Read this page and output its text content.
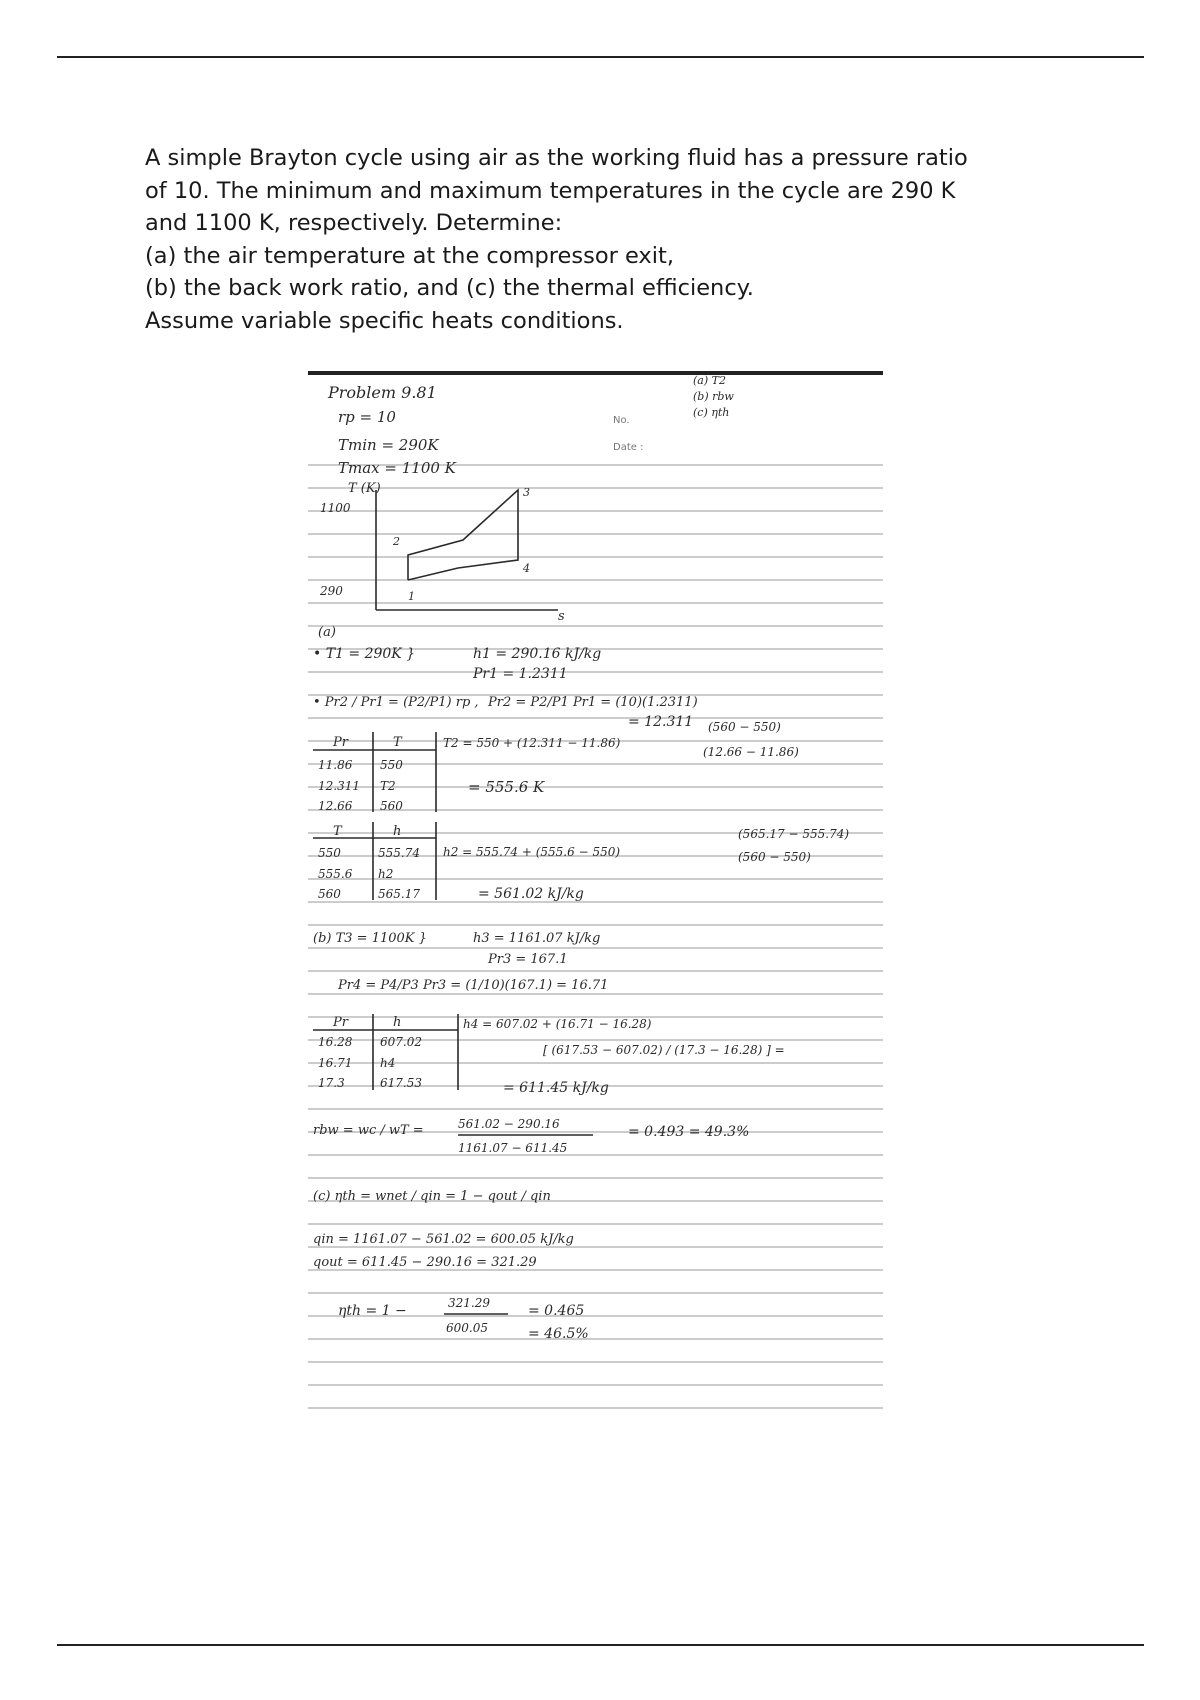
A simple Brayton cycle using air as the working fluid has a pressure ratio
of 10. The minimum and maximum temperatures in the cycle are 290 K
and 1100 K, respectively. Determine:
(a) the air temperature at the compressor exit,
(b) the back work ratio, and (c) the thermal efficiency.
Assume variable specific heats conditions.
(a) T2
(b) rbw
(c) ηth
No.
Date :
Problem 9.81
rp = 10
Tmin = 290K
Tmax = 1100 K
T (K)
s
1100
290	1
2
3
4
(a)
• T1 = 290K }	h1 = 290.16 kJ/kg
Pr1 = 1.2311
• Pr2 / Pr1 = (P2/P1) rp , Pr2 = P2/P1 Pr1 = (10)(1.2311)
= 12.311
Pr	T
11.86 550
12.311 T2
12.66 560
T2 = 550 + (12.311 − 11.86)
(560 − 550)
(12.66 − 11.86)
= 555.6 K
T	h
550	555.74
555.6 h2
560	565.17
h2 = 555.74 + (555.6 − 550)
(565.17 − 555.74)
(560 − 550)
= 561.02 kJ/kg
(b) T3 = 1100K }	h3 = 1161.07 kJ/kg
Pr3 = 167.1
Pr4 = P4/P3 Pr3 = (1/10)(167.1) = 16.71
Pr	h
16.28 607.02
16.71 h4
17.3	617.53
h4 = 607.02 + (16.71 − 16.28)
[ (617.53 − 607.02) / (17.3 − 16.28) ] =
= 611.45 kJ/kg
rbw = wc / wT =	561.02 − 290.16
1161.07 − 611.45
= 0.493 = 49.3%
(c) ηth = wnet / qin = 1 − qout / qin
qin = 1161.07 − 561.02 = 600.05 kJ/kg
qout = 611.45 − 290.16 = 321.29
ηth = 1 −	321.29
600.05
= 0.465
= 46.5%
